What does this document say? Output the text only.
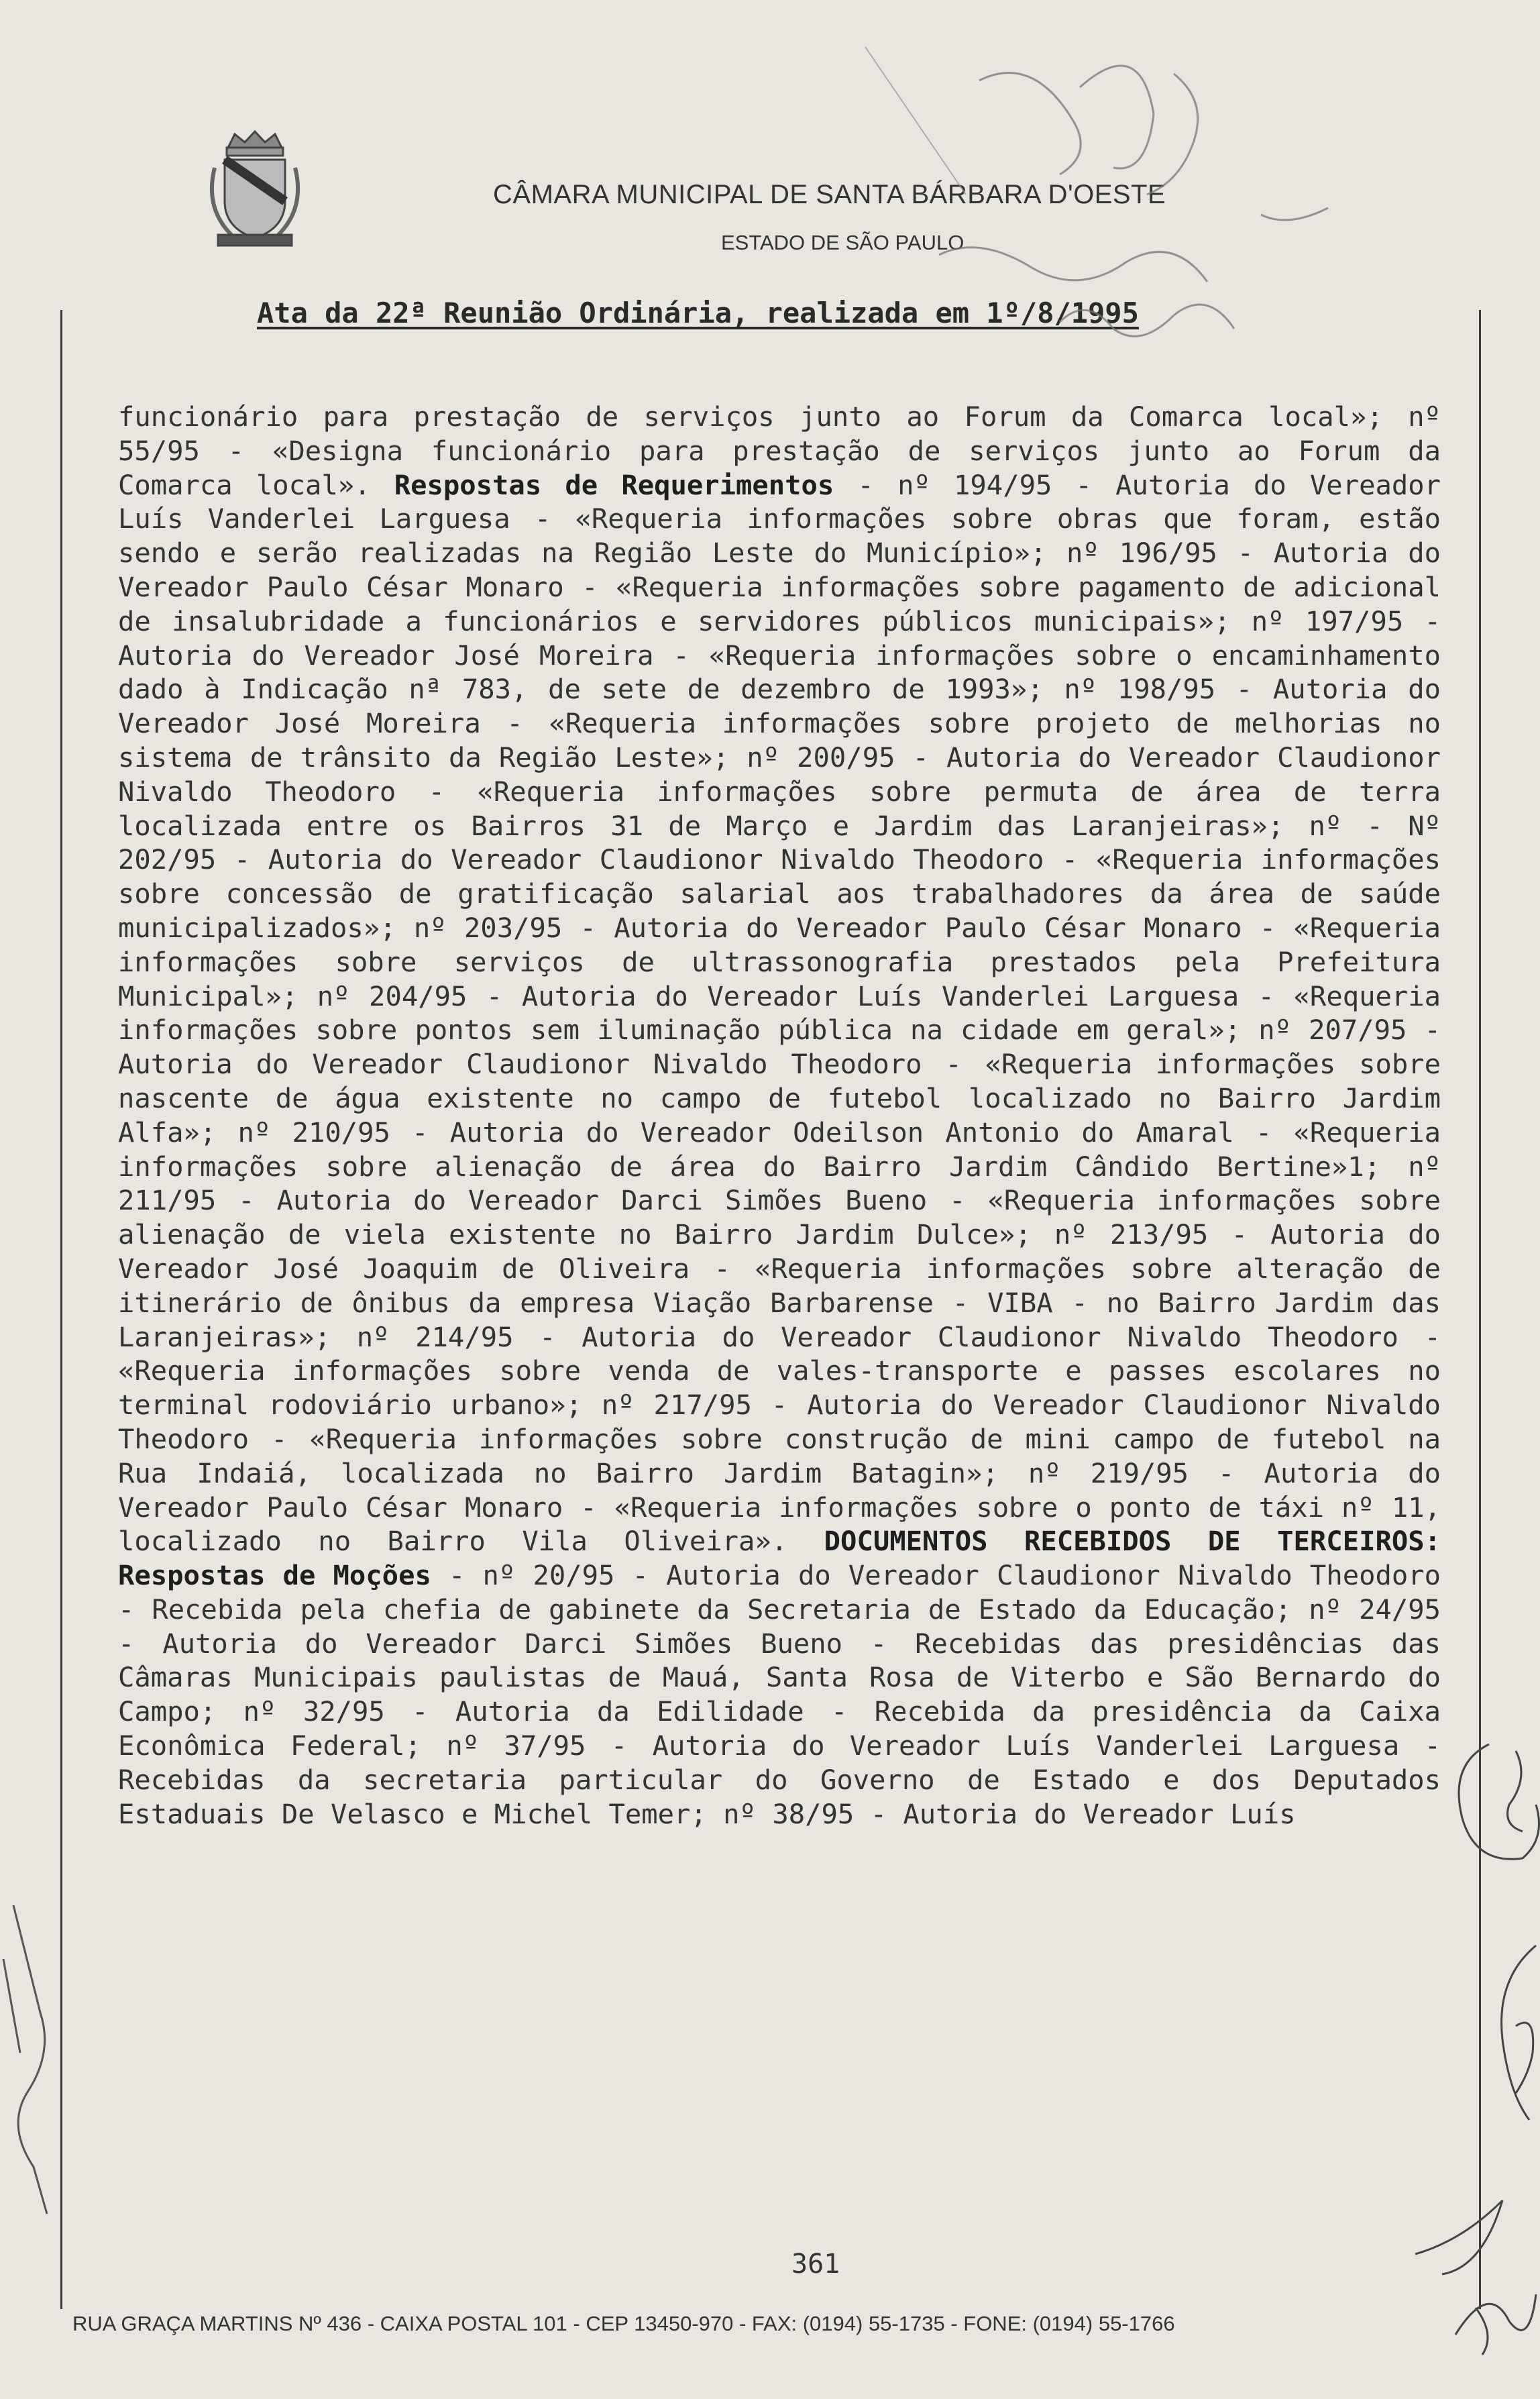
CÂMARA MUNICIPAL DE SANTA BÁRBARA D'OESTE
ESTADO DE SÃO PAULO
Ata da 22ª Reunião Ordinária, realizada em 1º/8/1995

funcionário para prestação de serviços junto ao Forum da Comarca local»; nº 55/95 - «Designa funcionário para prestação de serviços junto ao Forum da Comarca local». Respostas de Requerimentos - nº 194/95 - Autoria do Vereador Luís Vanderlei Larguesa - «Requeria informações sobre obras que foram, estão sendo e serão realizadas na Região Leste do Município»; nº 196/95 - Autoria do Vereador Paulo César Monaro - «Requeria informações sobre pagamento de adicional de insalubridade a funcionários e servidores públicos municipais»; nº 197/95 - Autoria do Vereador José Moreira - «Requeria informações sobre o encaminhamento dado à Indicação nª 783, de sete de dezembro de 1993»; nº 198/95 - Autoria do Vereador José Moreira - «Requeria informações sobre projeto de melhorias no sistema de trânsito da Região Leste»; nº 200/95 - Autoria do Vereador Claudionor Nivaldo Theodoro - «Requeria informações sobre permuta de área de terra localizada entre os Bairros 31 de Março e Jardim das Laranjeiras»; nº - Nº 202/95 - Autoria do Vereador Claudionor Nivaldo Theodoro - «Requeria informações sobre concessão de gratificação salarial aos trabalhadores da área de saúde municipalizados»; nº 203/95 - Autoria do Vereador Paulo César Monaro - «Requeria informações sobre serviços de ultrassonografia prestados pela Prefeitura Municipal»; nº 204/95 - Autoria do Vereador Luís Vanderlei Larguesa - «Requeria informações sobre pontos sem iluminação pública na cidade em geral»; nº 207/95 - Autoria do Vereador Claudionor Nivaldo Theodoro - «Requeria informações sobre nascente de água existente no campo de futebol localizado no Bairro Jardim Alfa»; nº 210/95 - Autoria do Vereador Odeilson Antonio do Amaral - «Requeria informações sobre alienação de área do Bairro Jardim Cândido Bertine»1; nº 211/95 - Autoria do Vereador Darci Simões Bueno - «Requeria informações sobre alienação de viela existente no Bairro Jardim Dulce»; nº 213/95 - Autoria do Vereador José Joaquim de Oliveira - «Requeria informações sobre alteração de itinerário de ônibus da empresa Viação Barbarense - VIBA - no Bairro Jardim das Laranjeiras»; nº 214/95 - Autoria do Vereador Claudionor Nivaldo Theodoro - «Requeria informações sobre venda de vales-transporte e passes escolares no terminal rodoviário urbano»; nº 217/95 - Autoria do Vereador Claudionor Nivaldo Theodoro - «Requeria informações sobre construção de mini campo de futebol na Rua Indaiá, localizada no Bairro Jardim Batagin»; nº 219/95 - Autoria do Vereador Paulo César Monaro - «Requeria informações sobre o ponto de táxi nº 11, localizado no Bairro Vila Oliveira». DOCUMENTOS RECEBIDOS DE TERCEIROS: Respostas de Moções - nº 20/95 - Autoria do Vereador Claudionor Nivaldo Theodoro - Recebida pela chefia de gabinete da Secretaria de Estado da Educação; nº 24/95 - Autoria do Vereador Darci Simões Bueno - Recebidas das presidências das Câmaras Municipais paulistas de Mauá, Santa Rosa de Viterbo e São Bernardo do Campo; nº 32/95 - Autoria da Edilidade - Recebida da presidência da Caixa Econômica Federal; nº 37/95 - Autoria do Vereador Luís Vanderlei Larguesa - Recebidas da secretaria particular do Governo de Estado e dos Deputados Estaduais De Velasco e Michel Temer; nº 38/95 - Autoria do Vereador Luís

361
RUA GRAÇA MARTINS Nº 436 - CAIXA POSTAL 101 - CEP 13450-970 - FAX: (0194) 55-1735 - FONE: (0194) 55-1766
